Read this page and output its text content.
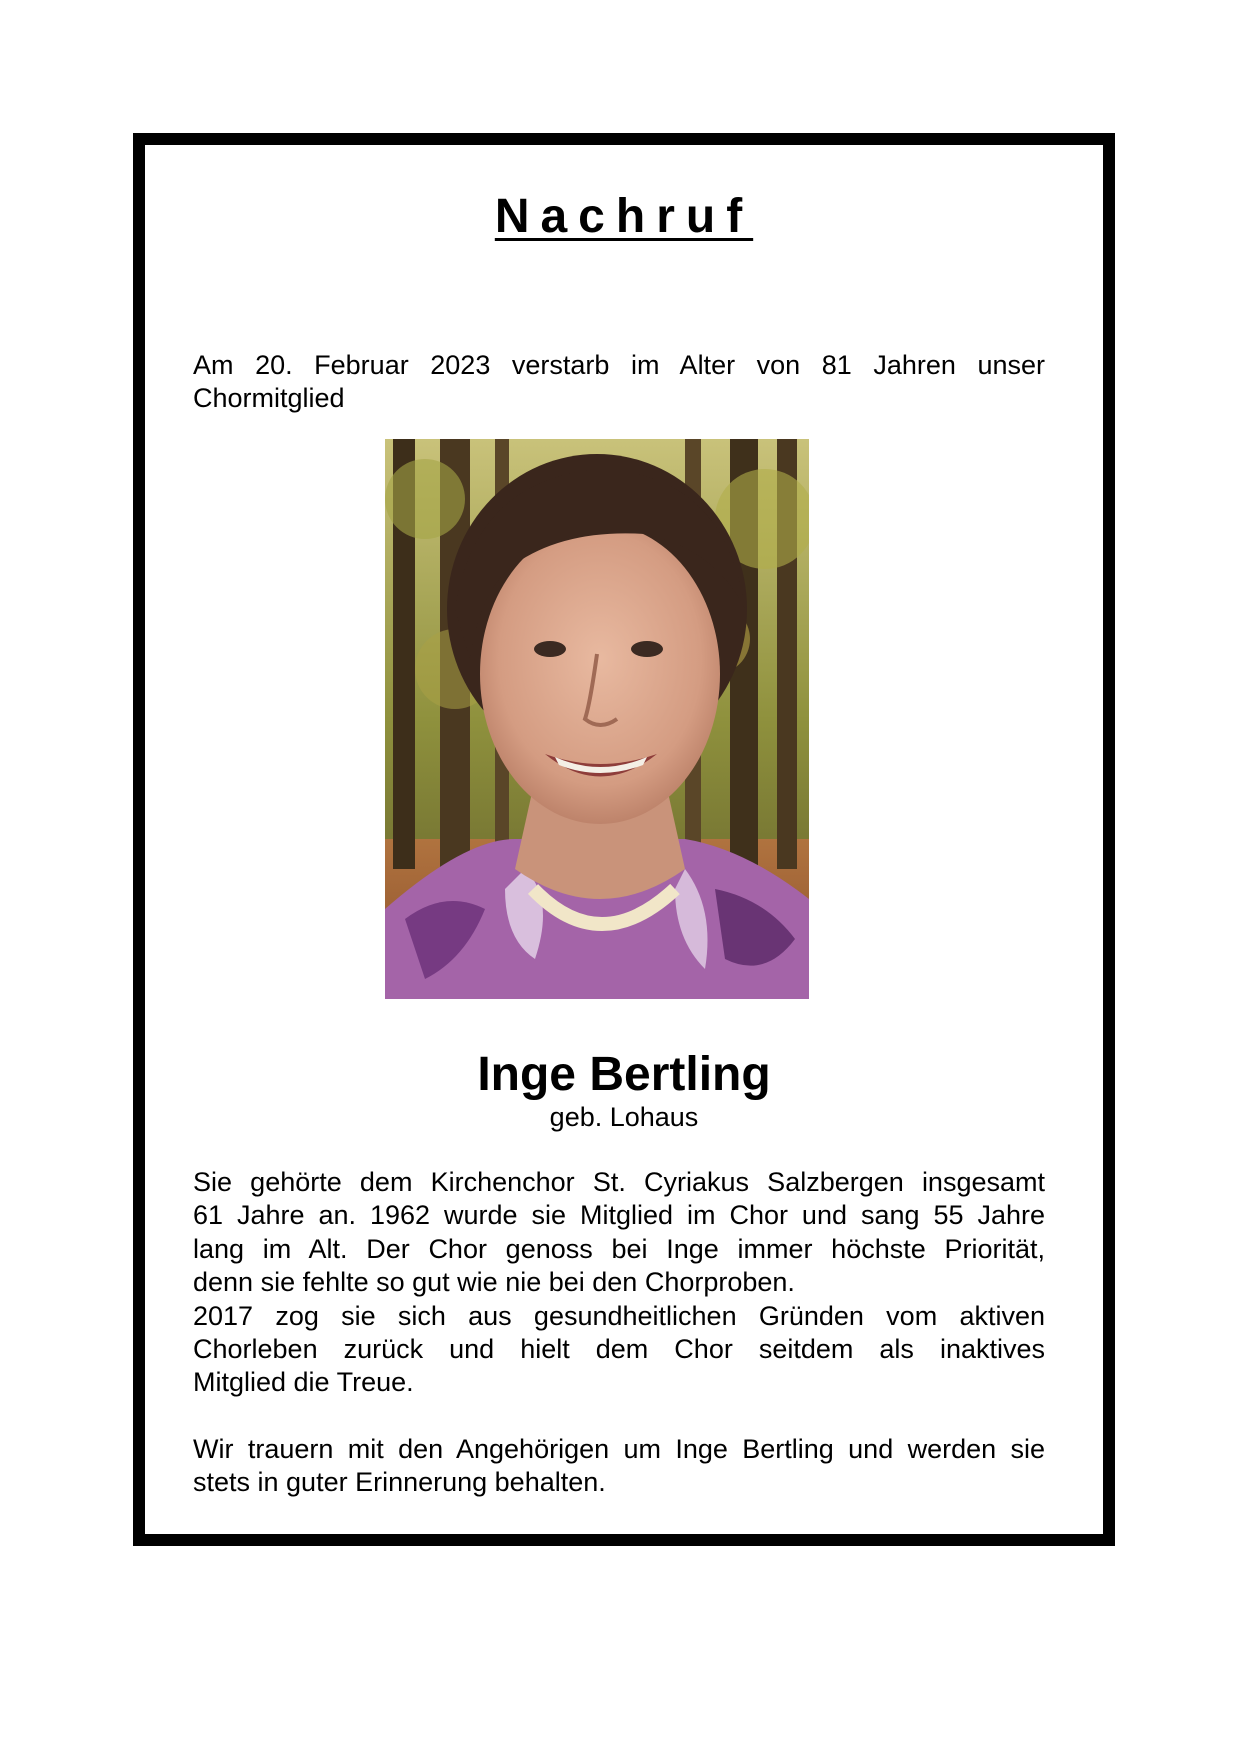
Nachruf
Am 20. Februar 2023 verstarb im Alter von 81 Jahren unser
Chormitglied
Inge Bertling
geb. Lohaus
Sie gehörte dem Kirchenchor St. Cyriakus Salzbergen insgesamt
61 Jahre an. 1962 wurde sie Mitglied im Chor und sang 55 Jahre
lang im Alt. Der Chor genoss bei Inge immer höchste Priorität,
denn sie fehlte so gut wie nie bei den Chorproben.
2017 zog sie sich aus gesundheitlichen Gründen vom aktiven
Chorleben zurück und hielt dem Chor seitdem als inaktives
Mitglied die Treue.
Wir trauern mit den Angehörigen um Inge Bertling und werden sie
stets in guter Erinnerung behalten.
